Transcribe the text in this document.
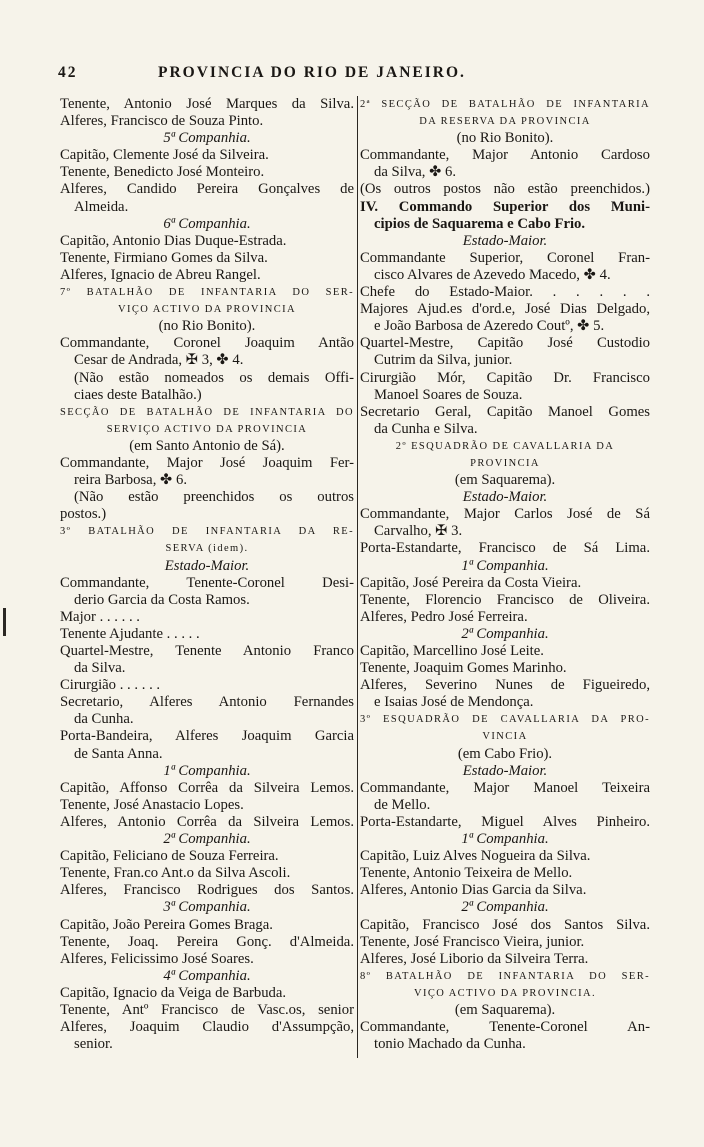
42	PROVINCIA DO RIO DE JANEIRO.
Tenente, Antonio José Marques da Silva.
Alferes, Francisco de Souza Pinto.
5ª Companhia.
Capitão, Clemente José da Silveira.
Tenente, Benedicto José Monteiro.
Alferes, Candido Pereira Gonçalves de
Almeida.
6ª Companhia.
Capitão, Antonio Dias Duque-Estrada.
Tenente, Firmiano Gomes da Silva.
Alferes, Ignacio de Abreu Rangel.
7º BATALHÃO DE INFANTARIA DO SER-
VIÇO ACTIVO DA PROVINCIA
(no Rio Bonito).
Commandante, Coronel Joaquim Antão
Cesar de Andrada, ✠ 3, ✤ 4.
(Não estão nomeados os demais Offi-
ciaes deste Batalhão.)
SECÇÃO DE BATALHÃO DE INFANTARIA DO
SERVIÇO ACTIVO DA PROVINCIA
(em Santo Antonio de Sá).
Commandante, Major José Joaquim Fer-
reira Barbosa, ✤ 6.
(Não estão preenchidos os outros
postos.)
3º BATALHÃO DE INFANTARIA DA RE-
SERVA (idem).
Estado-Maior.
Commandante, Tenente-Coronel Desi-
derio Garcia da Costa Ramos.
Major . . . . . .
Tenente Ajudante . . . . .
Quartel-Mestre, Tenente Antonio Franco
da Silva.
Cirurgião . . . . . .
Secretario, Alferes Antonio Fernandes
da Cunha.
Porta-Bandeira, Alferes Joaquim Garcia
de Santa Anna.
1ª Companhia.
Capitão, Affonso Corrêa da Silveira Lemos.
Tenente, José Anastacio Lopes.
Alferes, Antonio Corrêa da Silveira Lemos.
2ª Companhia.
Capitão, Feliciano de Souza Ferreira.
Tenente, Fran.co Ant.o da Silva Ascoli.
Alferes, Francisco Rodrigues dos Santos.
3ª Companhia.
Capitão, João Pereira Gomes Braga.
Tenente, Joaq. Pereira Gonç. d'Almeida.
Alferes, Felicissimo José Soares.
4ª Companhia.
Capitão, Ignacio da Veiga de Barbuda.
Tenente, Antº Francisco de Vasc.os, senior
Alferes, Joaquim Claudio d'Assumpção,
senior.
2ª SECÇÃO DE BATALHÃO DE INFANTARIA
DA RESERVA DA PROVINCIA
(no Rio Bonito).
Commandante, Major Antonio Cardoso
da Silva, ✤ 6.
(Os outros postos não estão preenchidos.)
IV. Commando Superior dos Muni-
cipios de Saquarema e Cabo Frio.
Estado-Maior.
Commandante Superior, Coronel Fran-
cisco Alvares de Azevedo Macedo, ✤ 4.
Chefe do Estado-Maior. . . . . .
Majores Ajud.es d'ord.e, José Dias Delgado,
e João Barbosa de Azeredo Coutº, ✤ 5.
Quartel-Mestre, Capitão José Custodio
Cutrim da Silva, junior.
Cirurgião Mór, Capitão Dr. Francisco
Manoel Soares de Souza.
Secretario Geral, Capitão Manoel Gomes
da Cunha e Silva.
2º ESQUADRÃO DE CAVALLARIA DA
PROVINCIA
(em Saquarema).
Estado-Maior.
Commandante, Major Carlos José de Sá
Carvalho, ✠ 3.
Porta-Estandarte, Francisco de Sá Lima.
1ª Companhia.
Capitão, José Pereira da Costa Vieira.
Tenente, Florencio Francisco de Oliveira.
Alferes, Pedro José Ferreira.
2ª Companhia.
Capitão, Marcellino José Leite.
Tenente, Joaquim Gomes Marinho.
Alferes, Severino Nunes de Figueiredo,
e Isaias José de Mendonça.
3º ESQUADRÃO DE CAVALLARIA DA PRO-
VINCIA
(em Cabo Frio).
Estado-Maior.
Commandante, Major Manoel Teixeira
de Mello.
Porta-Estandarte, Miguel Alves Pinheiro.
1ª Companhia.
Capitão, Luiz Alves Nogueira da Silva.
Tenente, Antonio Teixeira de Mello.
Alferes, Antonio Dias Garcia da Silva.
2ª Companhia.
Capitão, Francisco José dos Santos Silva.
Tenente, José Francisco Vieira, junior.
Alferes, José Liborio da Silveira Terra.
8º BATALHÃO DE INFANTARIA DO SER-
VIÇO ACTIVO DA PROVINCIA.
(em Saquarema).
Commandante, Tenente-Coronel An-
tonio Machado da Cunha.
